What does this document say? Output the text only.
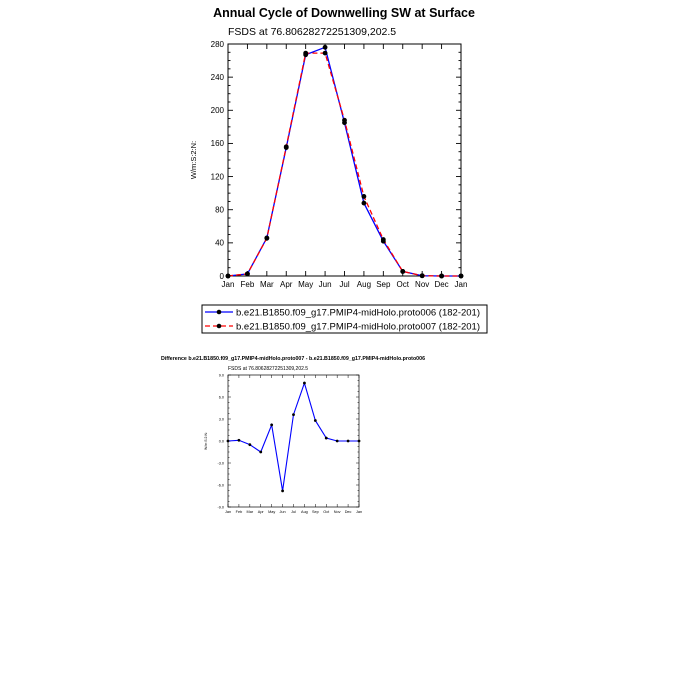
Annual Cycle of Downwelling SW at Surface
FSDS at 76.80628272251309,202.5
W/m:S:2:N:
Jan Feb Mar Apr May Jun Jul Aug Sep Oct Nov Dec Jan
0
40
80
120
160
200
240
280
b.e21.B1850.f09_g17.PMIP4-midHolo.proto006 (182-201)
b.e21.B1850.f09_g17.PMIP4-midHolo.proto007 (182-201)
Difference b.e21.B1850.f09_g17.PMIP4-midHolo.proto007 - b.e21.B1850.f09_g17.PMIP4-midHolo.proto006
FSDS at 76.80628272251309,202.5
W/m:S:2:N:
Jan Feb Mar Apr May Jun Jul Aug Sep Oct Nov Dec Jan
-9.0
-6.0
-3.0
0.0
3.0
6.0
9.0
